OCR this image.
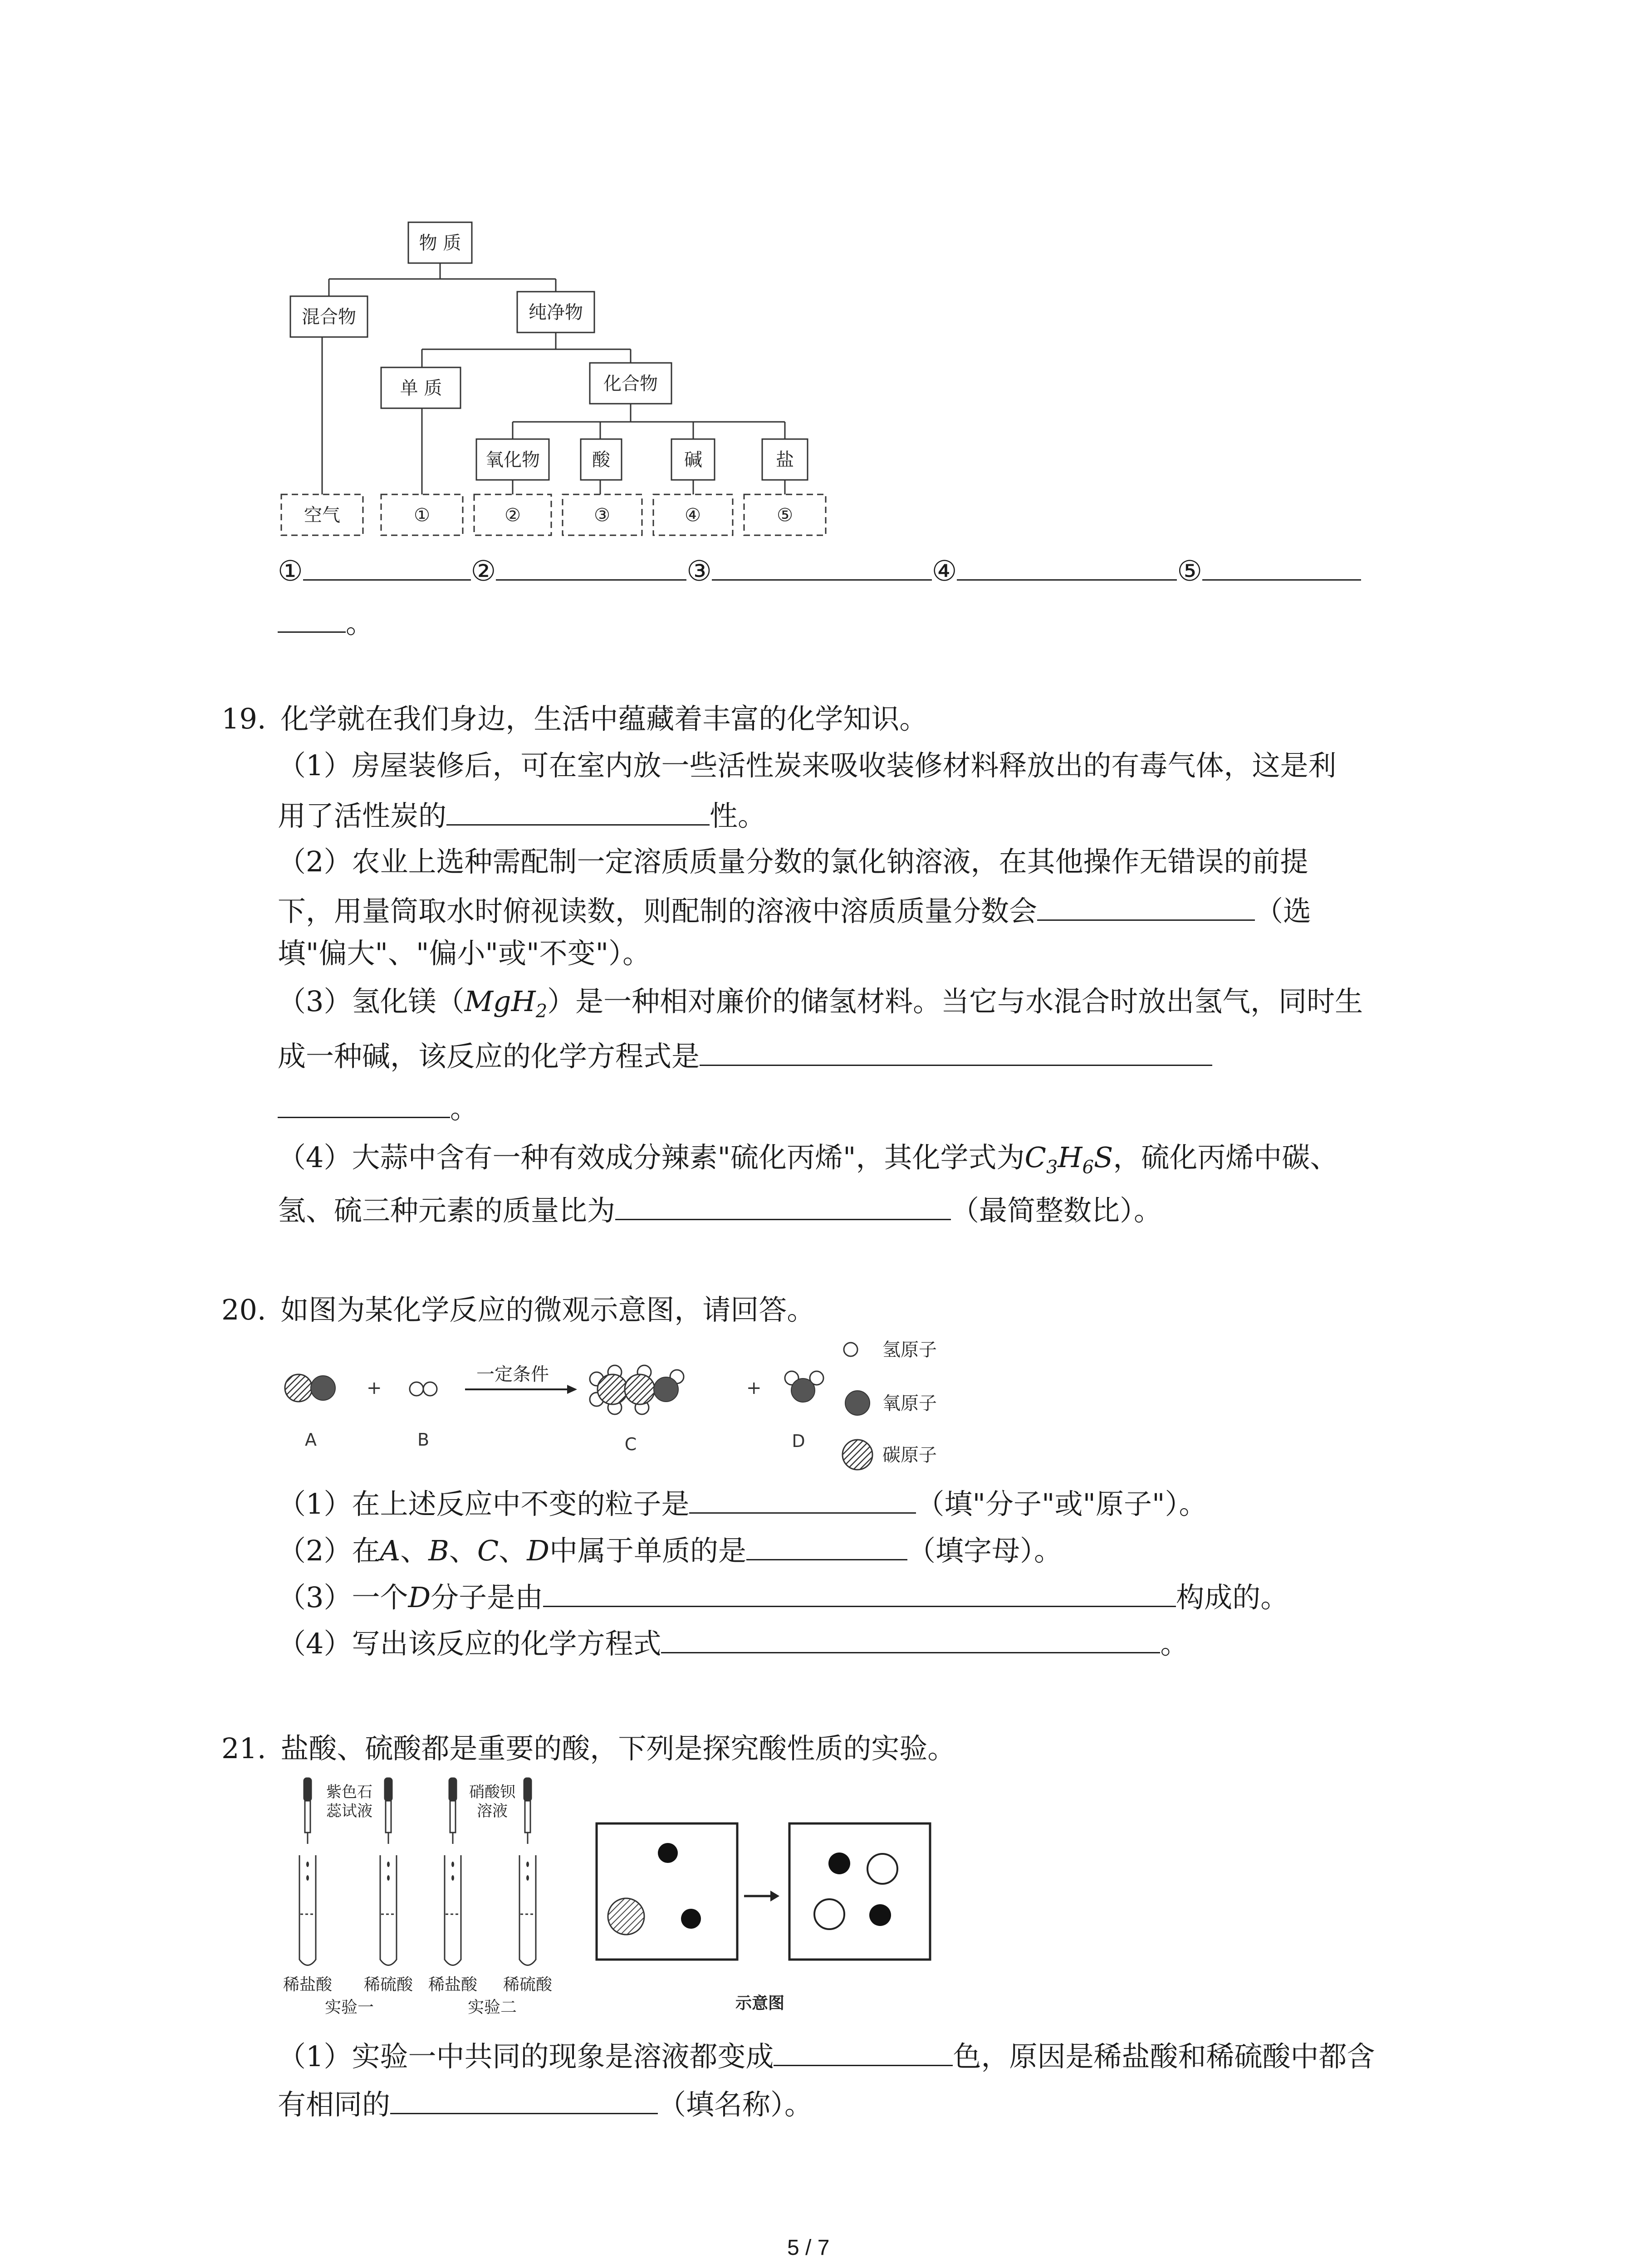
物 质
混合物	纯净物
单 质	化合物
氧化物	酸	碱	盐
空气	①	②	③	④	⑤
①	②	③	④	⑤
。
19. 化学就在我们身边，生活中蕴藏着丰富的化学知识。
（1）房屋装修后，可在室内放一些活性炭来吸收装修材料释放出的有毒气体，这是利
用了活性炭的	性。
（2）农业上选种需配制一定溶质质量分数的氯化钠溶液，在其他操作无错误的前提
下，用量筒取水时俯视读数，则配制的溶液中溶质质量分数会	（选
填"偏大"、"偏小"或"不变"）。
（3）氢化镁（MgH$_2$）是一种相对廉价的储氢材料。当它与水混合时放出氢气，同时生
成一种碱，该反应的化学方程式是
。
（4）大蒜中含有一种有效成分辣素"硫化丙烯"，其化学式为$C_3H_6S$，硫化丙烯中碳、
氢、硫三种元素的质量比为	（最简整数比）。
20. 如图为某化学反应的微观示意图，请回答。
+
一定条件
+
A	B	C	D
氢原子
氧原子
碳原子
（1）在上述反应中不变的粒子是	（填"分子"或"原子"）。
（2）在A、B、C、D中属于单质的是	（填字母）。
（3）一个D分子是由	构成的。
（4）写出该反应的化学方程式	。
21. 盐酸、硫酸都是重要的酸，下列是探究酸性质的实验。
紫色石
蕊试液
硝酸钡
溶液
稀盐酸 稀硫酸 稀盐酸 稀硫酸
实验一	实验二	示意图
（1）实验一中共同的现象是溶液都变成	色，原因是稀盐酸和稀硫酸中都含
有相同的	（填名称）。
5 / 7
